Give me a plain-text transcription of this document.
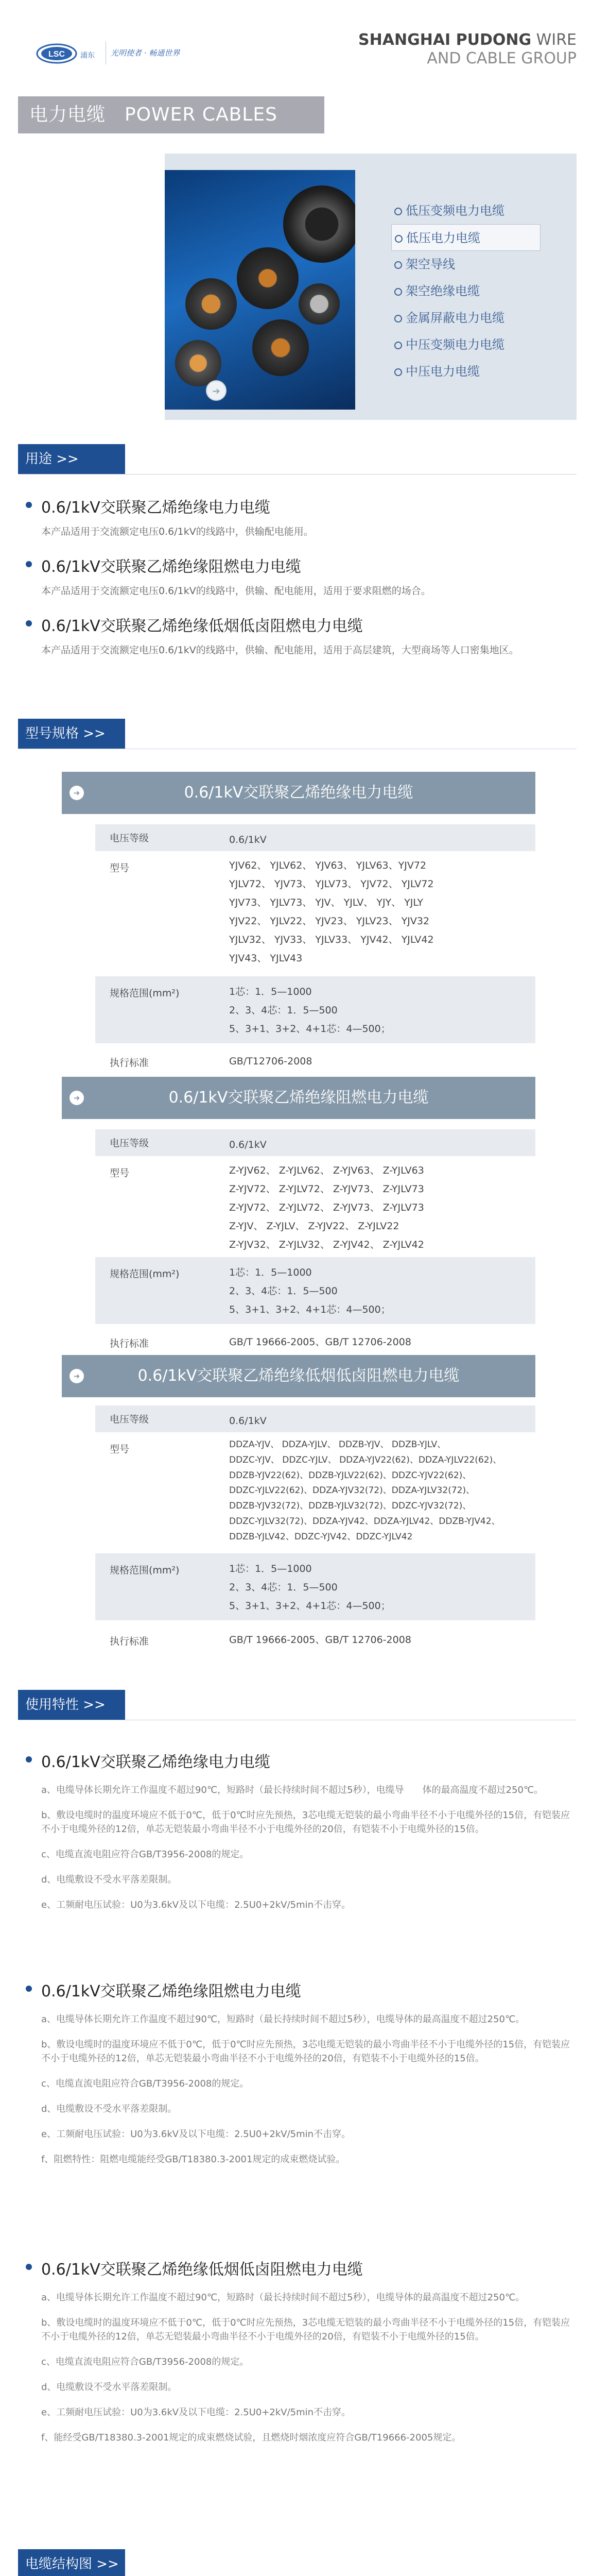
LSC 浦东 光明使者 · 畅通世界
SHANGHAI PUDONG WIRE
AND CABLE GROUP
电力电缆　POWER CABLES
➔
低压变频电力电缆
低压电力电缆
架空导线
架空绝缘电缆
金属屏蔽电力电缆
中压变频电力电缆
中压电力电缆
用途 >>
0.6/1kV交联聚乙烯绝缘电力电缆

本产品适用于交流额定电压0.6/1kV的线路中，供输配电能用。

0.6/1kV交联聚乙烯绝缘阻燃电力电缆

本产品适用于交流额定电压0.6/1kV的线路中，供输、配电能用，适用于要求阻燃的场合。

0.6/1kV交联聚乙烯绝缘低烟低卤阻燃电力电缆

本产品适用于交流额定电压0.6/1kV的线路中，供输、配电能用，适用于高层建筑，大型商场等人口密集地区。

型号规格 >>
➜	0.6/1kV交联聚乙烯绝缘电力电缆
电压等级	0.6/1kV
型号	YJV62、 YJLV62、 YJV63、 YJLV63、YJV72
YJLV72、 YJV73、 YJLV73、 YJV72、 YJLV72
YJV73、 YJLV73、 YJV、 YJLV、 YJY、 YJLY
YJV22、 YJLV22、 YJV23、 YJLV23、 YJV32
YJLV32、 YJV33、 YJLV33、 YJV42、 YJLV42
YJV43、 YJLV43
规格范围(mm²)	1芯：1．5—1000
2、3、4芯：1．5—500
5、3+1、3+2、4+1芯：4—500；
执行标准	GB/T12706-2008
➜	0.6/1kV交联聚乙烯绝缘阻燃电力电缆
电压等级	0.6/1kV
型号	Z-YJV62、 Z-YJLV62、 Z-YJV63、 Z-YJLV63
Z-YJV72、 Z-YJLV72、 Z-YJV73、 Z-YJLV73
Z-YJV72、 Z-YJLV72、 Z-YJV73、 Z-YJLV73
Z-YJV、 Z-YJLV、 Z-YJV22、 Z-YJLV22
Z-YJV32、 Z-YJLV32、 Z-YJV42、 Z-YJLV42
规格范围(mm²)	1芯：1．5—1000
2、3、4芯：1．5—500
5、3+1、3+2、4+1芯：4—500；
执行标准	GB/T 19666-2005、GB/T 12706-2008
➜	0.6/1kV交联聚乙烯绝缘低烟低卤阻燃电力电缆
电压等级	0.6/1kV
型号	DDZA-YJV、 DDZA-YJLV、 DDZB-YJV、 DDZB-YJLV、
DDZC-YJV、 DDZC-YJLV、 DDZA-YJV22(62)、DDZA-YJLV22(62)、
DDZB-YJV22(62)、DDZB-YJLV22(62)、DDZC-YJV22(62)、
DDZC-YJLV22(62)、DDZA-YJV32(72)、DDZA-YJLV32(72)、
DDZB-YJV32(72)、DDZB-YJLV32(72)、DDZC-YJV32(72)、
DDZC-YJLV32(72)、DDZA-YJV42、DDZA-YJLV42、DDZB-YJV42、
DDZB-YJLV42、DDZC-YJV42、DDZC-YJLV42
规格范围(mm²)	1芯：1．5—1000
2、3、4芯：1．5—500
5、3+1、3+2、4+1芯：4—500；
执行标准	GB/T 19666-2005、GB/T 12706-2008
使用特性 >>
0.6/1kV交联聚乙烯绝缘电力电缆
a、电缆导体长期允许工作温度不超过90℃，短路时（最长持续时间不超过5秒），电缆导　　体的最高温度不超过250℃。
b、敷设电缆时的温度环境应不低于0℃，低于0℃时应先预热，3芯电缆无铠装的最小弯曲半径不小于电缆外径的15倍，有铠装应不小于电缆外径的12倍，单芯无铠装最小弯曲半径不小于电缆外径的20倍，有铠装不小于电缆外径的15倍。
c、电缆直流电阻应符合GB/T3956-2008的规定。
d、电缆敷设不受水平落差限制。
e、工频耐电压试验：U0为3.6kV及以下电缆：2.5U0+2kV/5min不击穿。
0.6/1kV交联聚乙烯绝缘阻燃电力电缆
a、电缆导体长期允许工作温度不超过90℃，短路时（最长持续时间不超过5秒），电缆导体的最高温度不超过250℃。
b、敷设电缆时的温度环境应不低于0℃，低于0℃时应先预热，3芯电缆无铠装的最小弯曲半径不小于电缆外径的15倍，有铠装应不小于电缆外径的12倍，单芯无铠装最小弯曲半径不小于电缆外径的20倍，有铠装不小于电缆外径的15倍。
c、电缆直流电阻应符合GB/T3956-2008的规定。
d、电缆敷设不受水平落差限制。
e、工频耐电压试验：U0为3.6kV及以下电缆：2.5U0+2kV/5min不击穿。
f、阻燃特性：阻燃电缆能经受GB/T18380.3-2001规定的成束燃烧试验。
0.6/1kV交联聚乙烯绝缘低烟低卤阻燃电力电缆
a、电缆导体长期允许工作温度不超过90℃，短路时（最长持续时间不超过5秒），电缆导体的最高温度不超过250℃。
b、敷设电缆时的温度环境应不低于0℃，低于0℃时应先预热，3芯电缆无铠装的最小弯曲半径不小于电缆外径的15倍，有铠装应不小于电缆外径的12倍，单芯无铠装最小弯曲半径不小于电缆外径的20倍，有铠装不小于电缆外径的15倍。
c、电缆直流电阻应符合GB/T3956-2008的规定。
d、电缆敷设不受水平落差限制。
e、工频耐电压试验：U0为3.6kV及以下电缆：2.5U0+2kV/5min不击穿。
f、能经受GB/T18380.3-2001规定的成束燃烧试验，且燃烧时烟浓度应符合GB/T19666-2005规定。
电缆结构图 >>
